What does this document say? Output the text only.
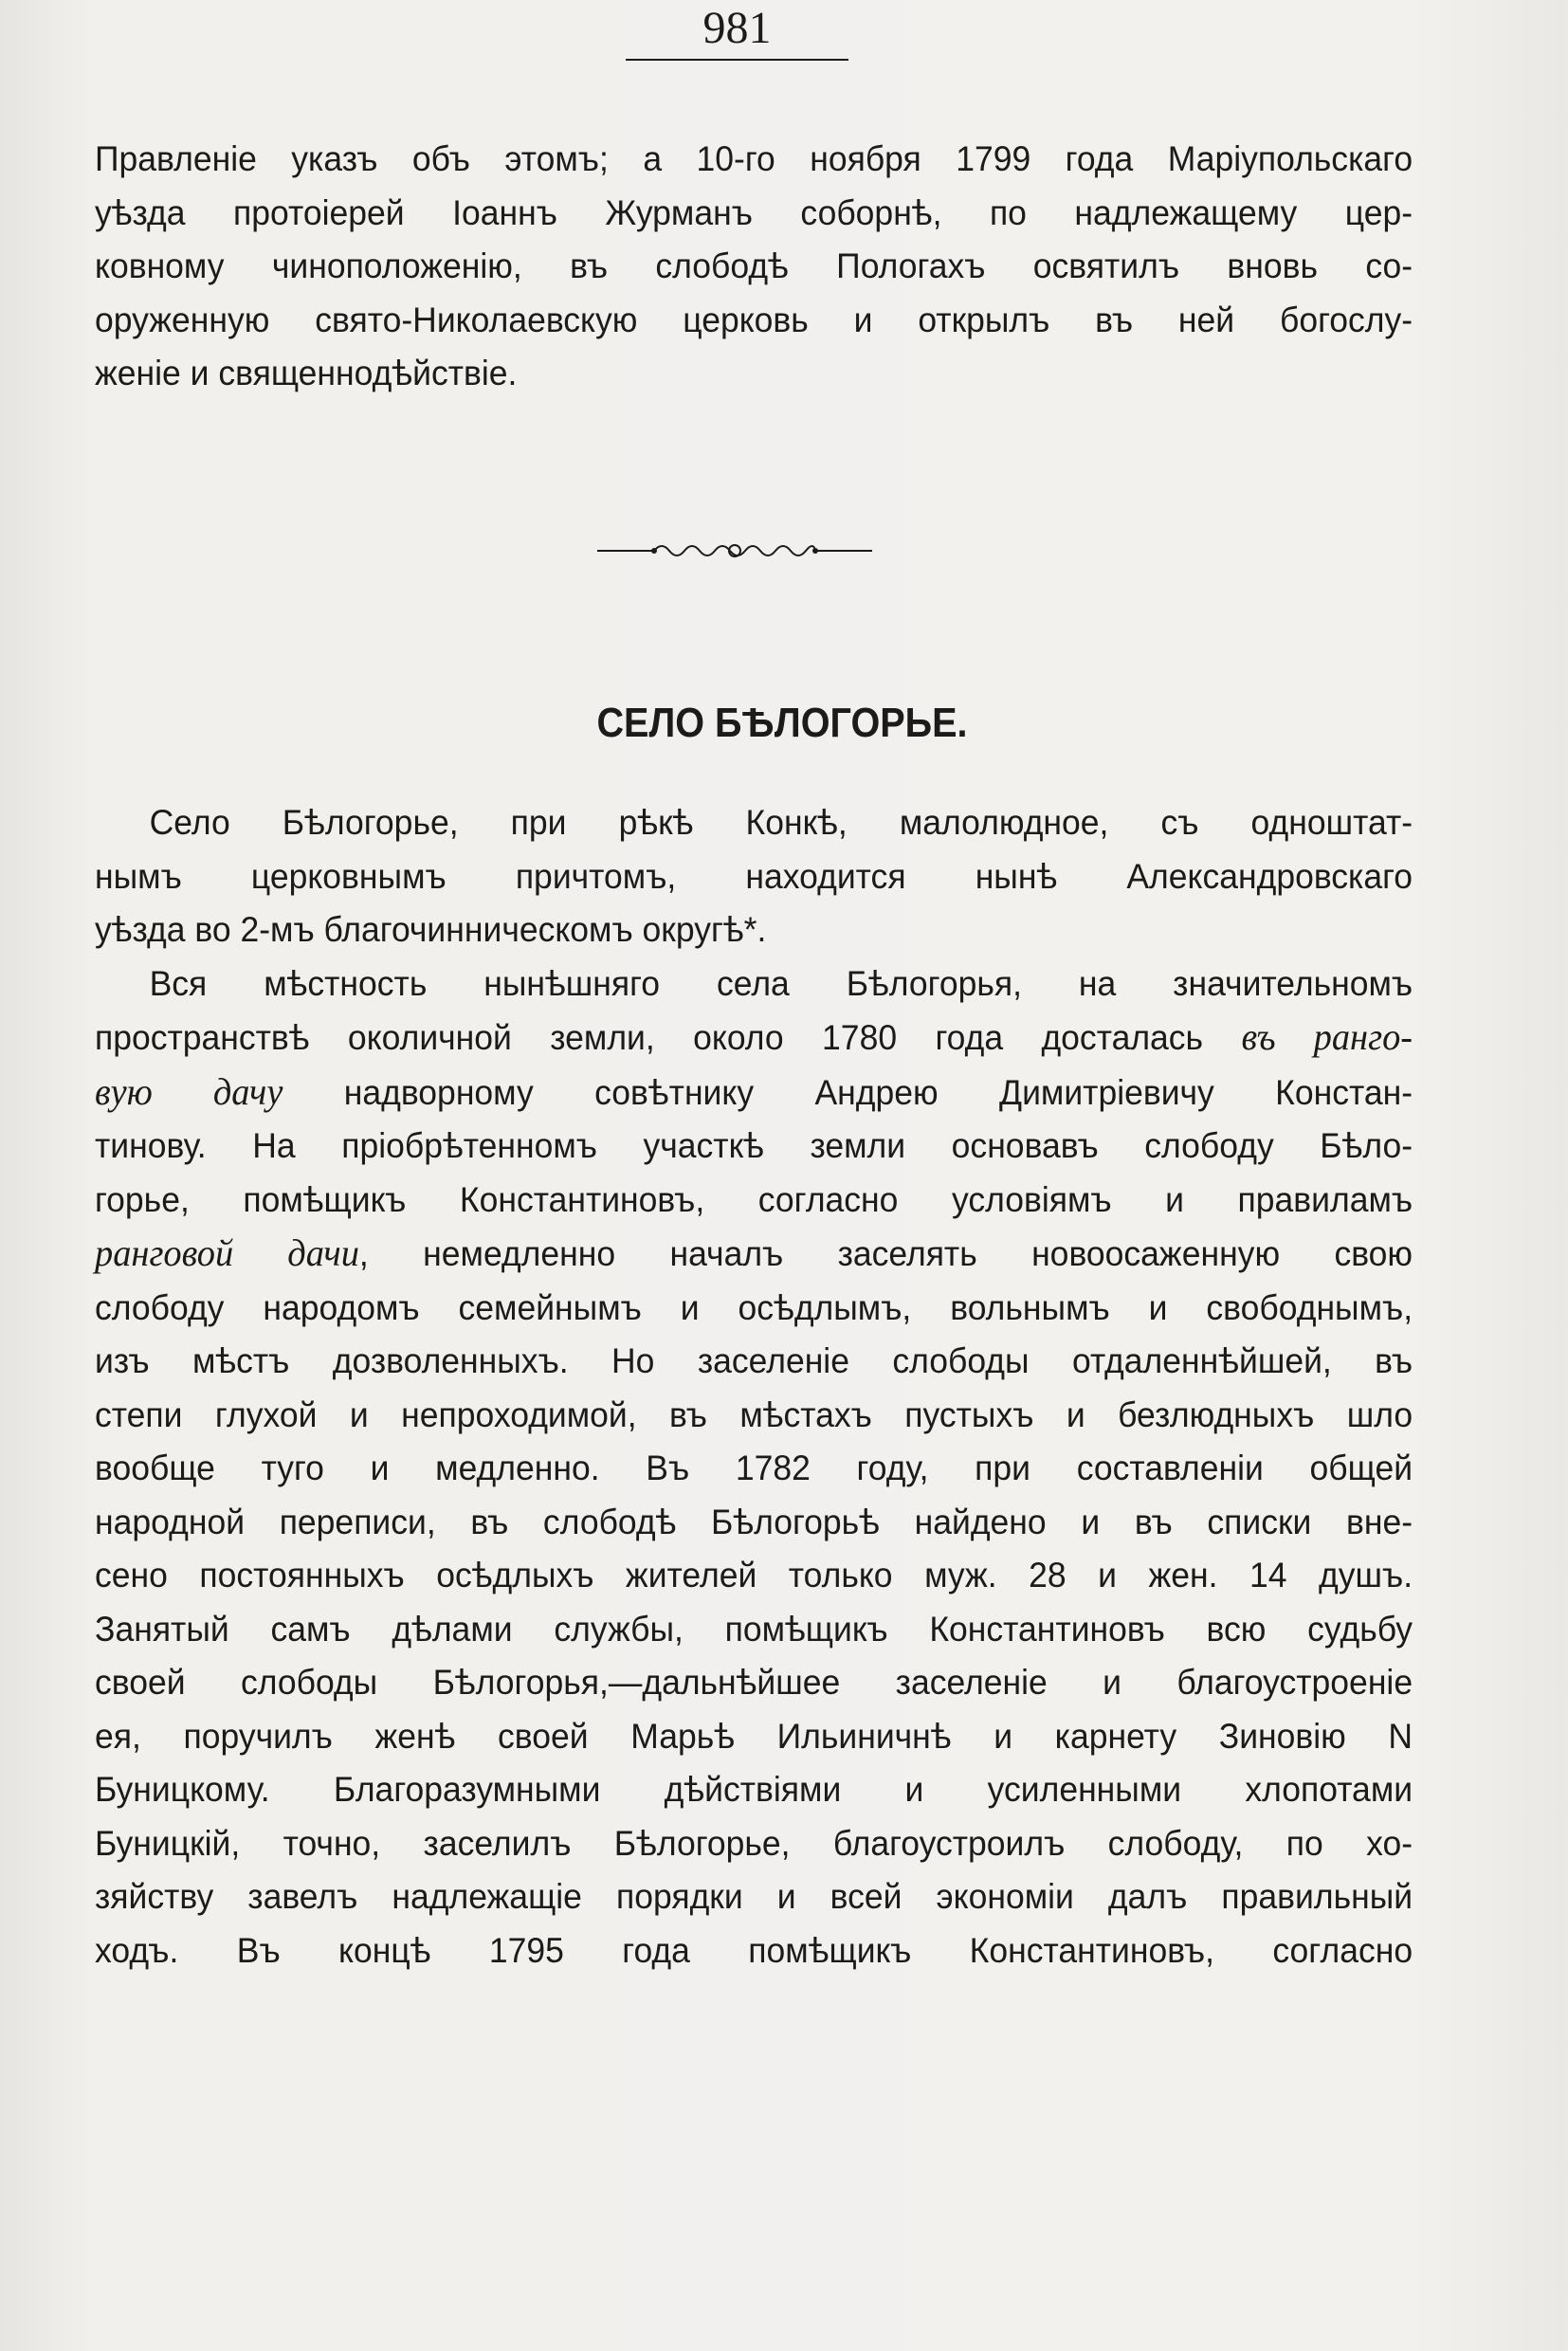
981
Правленіе указъ объ этомъ; а 10-го ноября 1799 года Маріупольскаго
уѣзда протоіерей Іоаннъ Журманъ соборнѣ, по надлежащему цер-
ковному чиноположенію, въ слободѣ Пологахъ освятилъ вновь со-
оруженную свято-Николаевскую церковь и открылъ въ ней богослу-
женіе и священнодѣйствіе.
СЕЛО БѢЛОГОРЬЕ.
Село Бѣлогорье, при рѣкѣ Конкѣ, малолюдное, съ одноштат-
нымъ церковнымъ причтомъ, находится нынѣ Александровскаго
уѣзда во 2-мъ благочинническомъ округѣ*.
Вся мѣстность нынѣшняго села Бѣлогорья, на значительномъ
пространствѣ околичной земли, около 1780 года досталась въ ранго-
вую дачу надворному совѣтнику Андрею Димитріевичу Констан-
тинову. На пріобрѣтенномъ участкѣ земли основавъ слободу Бѣло-
горье, помѣщикъ Константиновъ, согласно условіямъ и правиламъ
ранговой дачи, немедленно началъ заселять новоосаженную свою
слободу народомъ семейнымъ и осѣдлымъ, вольнымъ и свободнымъ,
изъ мѣстъ дозволенныхъ. Но заселеніе слободы отдаленнѣйшей, въ
степи глухой и непроходимой, въ мѣстахъ пустыхъ и безлюдныхъ шло
вообще туго и медленно. Въ 1782 году, при составленіи общей
народной переписи, въ слободѣ Бѣлогорьѣ найдено и въ списки вне-
сено постоянныхъ осѣдлыхъ жителей только муж. 28 и жен. 14 душъ.
Занятый самъ дѣлами службы, помѣщикъ Константиновъ всю судьбу
своей слободы Бѣлогорья,—дальнѣйшее заселеніе и благоустроеніе
ея, поручилъ женѣ своей Марьѣ Ильиничнѣ и карнету Зиновію N
Буницкому. Благоразумными дѣйствіями и усиленными хлопотами
Буницкій, точно, заселилъ Бѣлогорье, благоустроилъ слободу, по хо-
зяйству завелъ надлежащіе порядки и всей экономіи далъ правильный
ходъ. Въ концѣ 1795 года помѣщикъ Константиновъ, согласно
